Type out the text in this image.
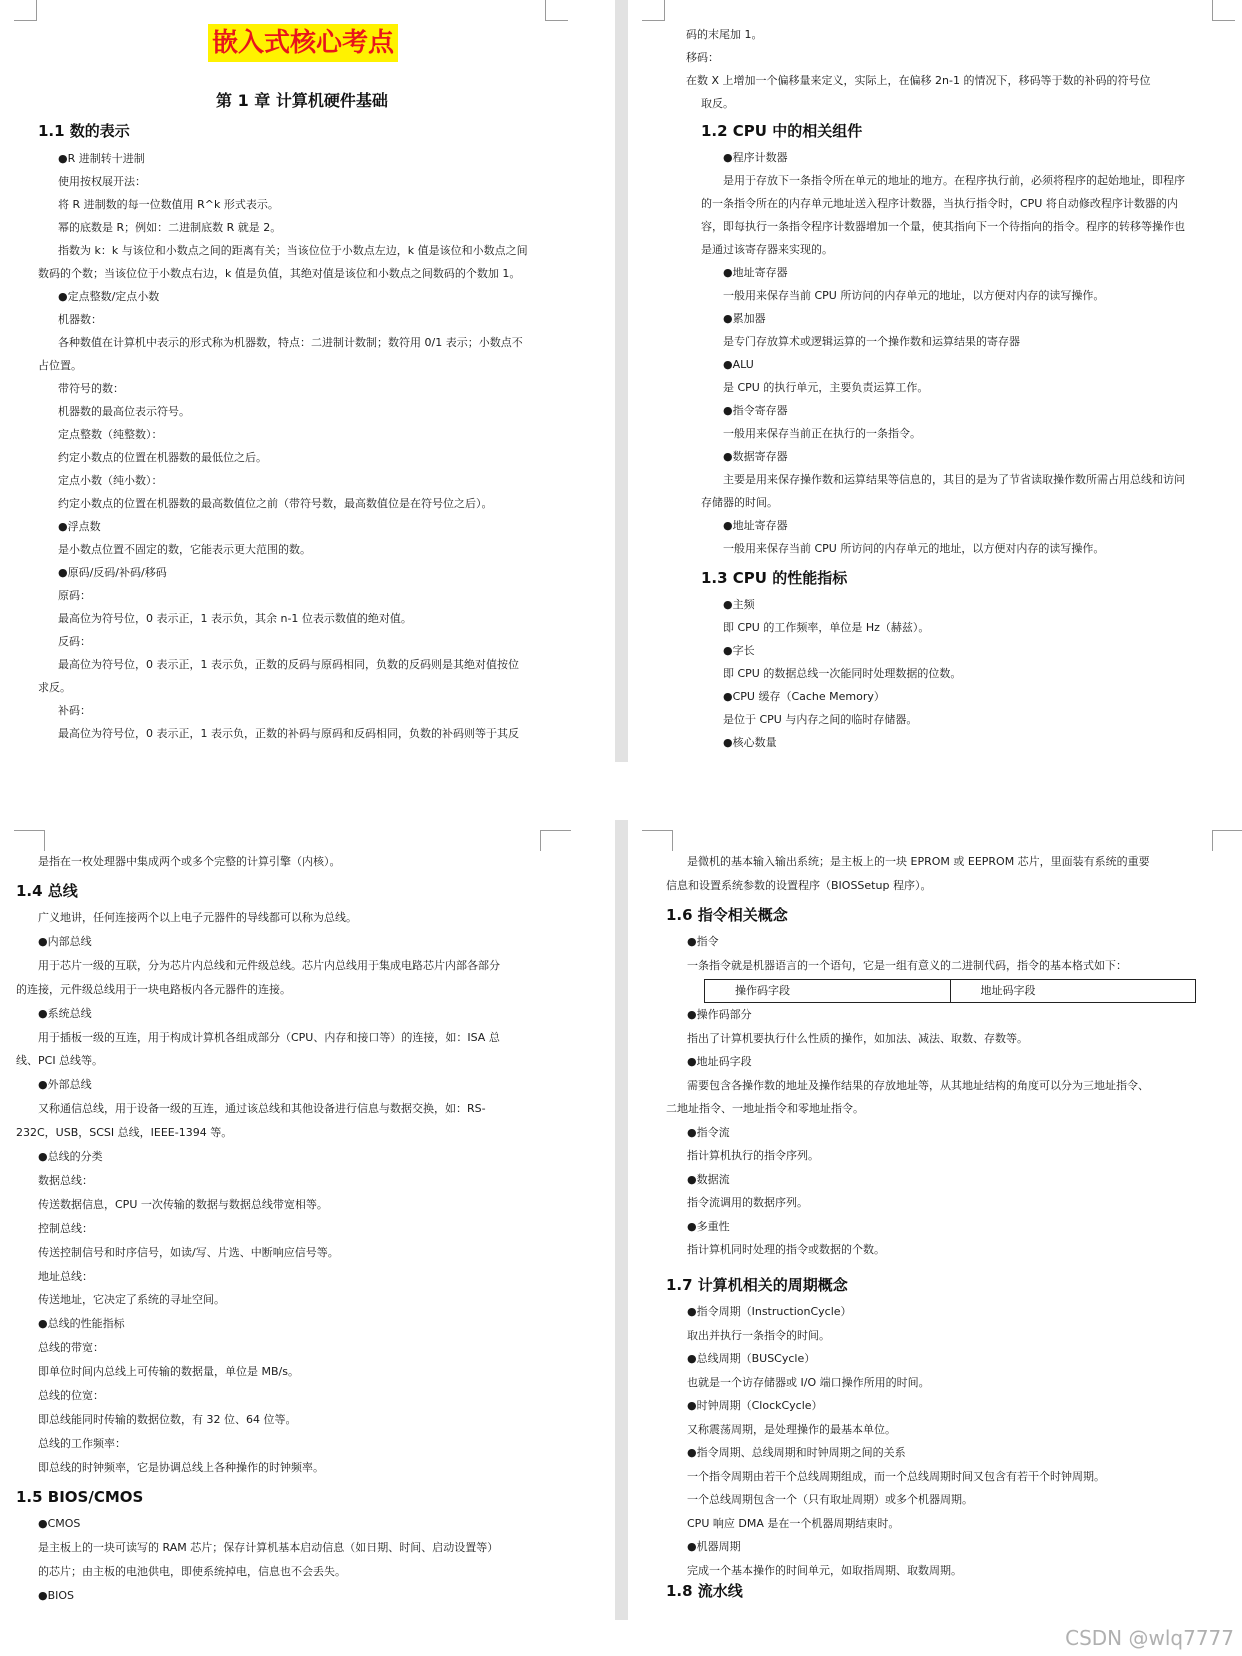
嵌入式核心考点
第 1 章 计算机硬件基础
1.1 数的表示
●R 进制转十进制
使用按权展开法：
将 R 进制数的每一位数值用 R^k 形式表示。
幂的底数是 R；例如：二进制底数 R 就是 2。
指数为 k：k 与该位和小数点之间的距离有关；当该位位于小数点左边，k 值是该位和小数点之间
数码的个数；当该位位于小数点右边，k 值是负值，其绝对值是该位和小数点之间数码的个数加 1。
●定点整数/定点小数
机器数：
各种数值在计算机中表示的形式称为机器数，特点：二进制计数制；数符用 0/1 表示；小数点不
占位置。
带符号的数：
机器数的最高位表示符号。
定点整数（纯整数）：
约定小数点的位置在机器数的最低位之后。
定点小数（纯小数）：
约定小数点的位置在机器数的最高数值位之前（带符号数，最高数值位是在符号位之后）。
●浮点数
是小数点位置不固定的数，它能表示更大范围的数。
●原码/反码/补码/移码
原码：
最高位为符号位，0 表示正，1 表示负，其余 n-1 位表示数值的绝对值。
反码：
最高位为符号位，0 表示正，1 表示负，正数的反码与原码相同，负数的反码则是其绝对值按位
求反。
补码：
最高位为符号位，0 表示正，1 表示负，正数的补码与原码和反码相同，负数的补码则等于其反
1.2 CPU 中的相关组件
1.3 CPU 的性能指标
码的末尾加 1。
移码：
在数 X 上增加一个偏移量来定义，实际上，在偏移 2n-1 的情况下，移码等于数的补码的符号位
取反。
●程序计数器
是用于存放下一条指令所在单元的地址的地方。在程序执行前，必须将程序的起始地址，即程序
的一条指令所在的内存单元地址送入程序计数器，当执行指令时，CPU 将自动修改程序计数器的内
容，即每执行一条指令程序计数器增加一个量，使其指向下一个待指向的指令。程序的转移等操作也
是通过该寄存器来实现的。
●地址寄存器
一般用来保存当前 CPU 所访问的内存单元的地址，以方便对内存的读写操作。
●累加器
是专门存放算术或逻辑运算的一个操作数和运算结果的寄存器
●ALU
是 CPU 的执行单元，主要负责运算工作。
●指令寄存器
一般用来保存当前正在执行的一条指令。
●数据寄存器
主要是用来保存操作数和运算结果等信息的，其目的是为了节省读取操作数所需占用总线和访问
存储器的时间。
●地址寄存器
一般用来保存当前 CPU 所访问的内存单元的地址，以方便对内存的读写操作。
●主频
即 CPU 的工作频率，单位是 Hz（赫兹）。
●字长
即 CPU 的数据总线一次能同时处理数据的位数。
●CPU 缓存（Cache Memory）
是位于 CPU 与内存之间的临时存储器。
●核心数量
1.4 总线
1.5 BIOS/CMOS
是指在一枚处理器中集成两个或多个完整的计算引擎（内核）。
广义地讲，任何连接两个以上电子元器件的导线都可以称为总线。
●内部总线
用于芯片一级的互联，分为芯片内总线和元件级总线。芯片内总线用于集成电路芯片内部各部分
的连接，元件级总线用于一块电路板内各元器件的连接。
●系统总线
用于插板一级的互连，用于构成计算机各组成部分（CPU、内存和接口等）的连接，如：ISA 总
线、PCI 总线等。
●外部总线
又称通信总线，用于设备一级的互连，通过该总线和其他设备进行信息与数据交换，如：RS-
232C，USB，SCSI 总线，IEEE-1394 等。
●总线的分类
数据总线：
传送数据信息，CPU 一次传输的数据与数据总线带宽相等。
控制总线：
传送控制信号和时序信号，如读/写、片选、中断响应信号等。
地址总线：
传送地址，它决定了系统的寻址空间。
●总线的性能指标
总线的带宽：
即单位时间内总线上可传输的数据量，单位是 MB/s。
总线的位宽：
即总线能同时传输的数据位数，有 32 位、64 位等。
总线的工作频率：
即总线的时钟频率，它是协调总线上各种操作的时钟频率。
●CMOS
是主板上的一块可读写的 RAM 芯片；保存计算机基本启动信息（如日期、时间、启动设置等）
的芯片；由主板的电池供电，即使系统掉电，信息也不会丢失。
●BIOS
1.6 指令相关概念
操作码字段	地址码字段
1.7 计算机相关的周期概念
1.8 流水线
是微机的基本输入输出系统；是主板上的一块 EPROM 或 EEPROM 芯片，里面装有系统的重要
信息和设置系统参数的设置程序（BIOSSetup 程序）。
●指令
一条指令就是机器语言的一个语句，它是一组有意义的二进制代码，指令的基本格式如下：
●操作码部分
指出了计算机要执行什么性质的操作，如加法、减法、取数、存数等。
●地址码字段
需要包含各操作数的地址及操作结果的存放地址等，从其地址结构的角度可以分为三地址指令、
二地址指令、一地址指令和零地址指令。
●指令流
指计算机执行的指令序列。
●数据流
指令流调用的数据序列。
●多重性
指计算机同时处理的指令或数据的个数。
●指令周期（InstructionCycle）
取出并执行一条指令的时间。
●总线周期（BUSCycle）
也就是一个访存储器或 I/O 端口操作所用的时间。
●时钟周期（ClockCycle）
又称震荡周期，是处理操作的最基本单位。
●指令周期、总线周期和时钟周期之间的关系
一个指令周期由若干个总线周期组成，而一个总线周期时间又包含有若干个时钟周期。
一个总线周期包含一个（只有取址周期）或多个机器周期。
CPU 响应 DMA 是在一个机器周期结束时。
●机器周期
完成一个基本操作的时间单元，如取指周期、取数周期。
CSDN @wlq7777
